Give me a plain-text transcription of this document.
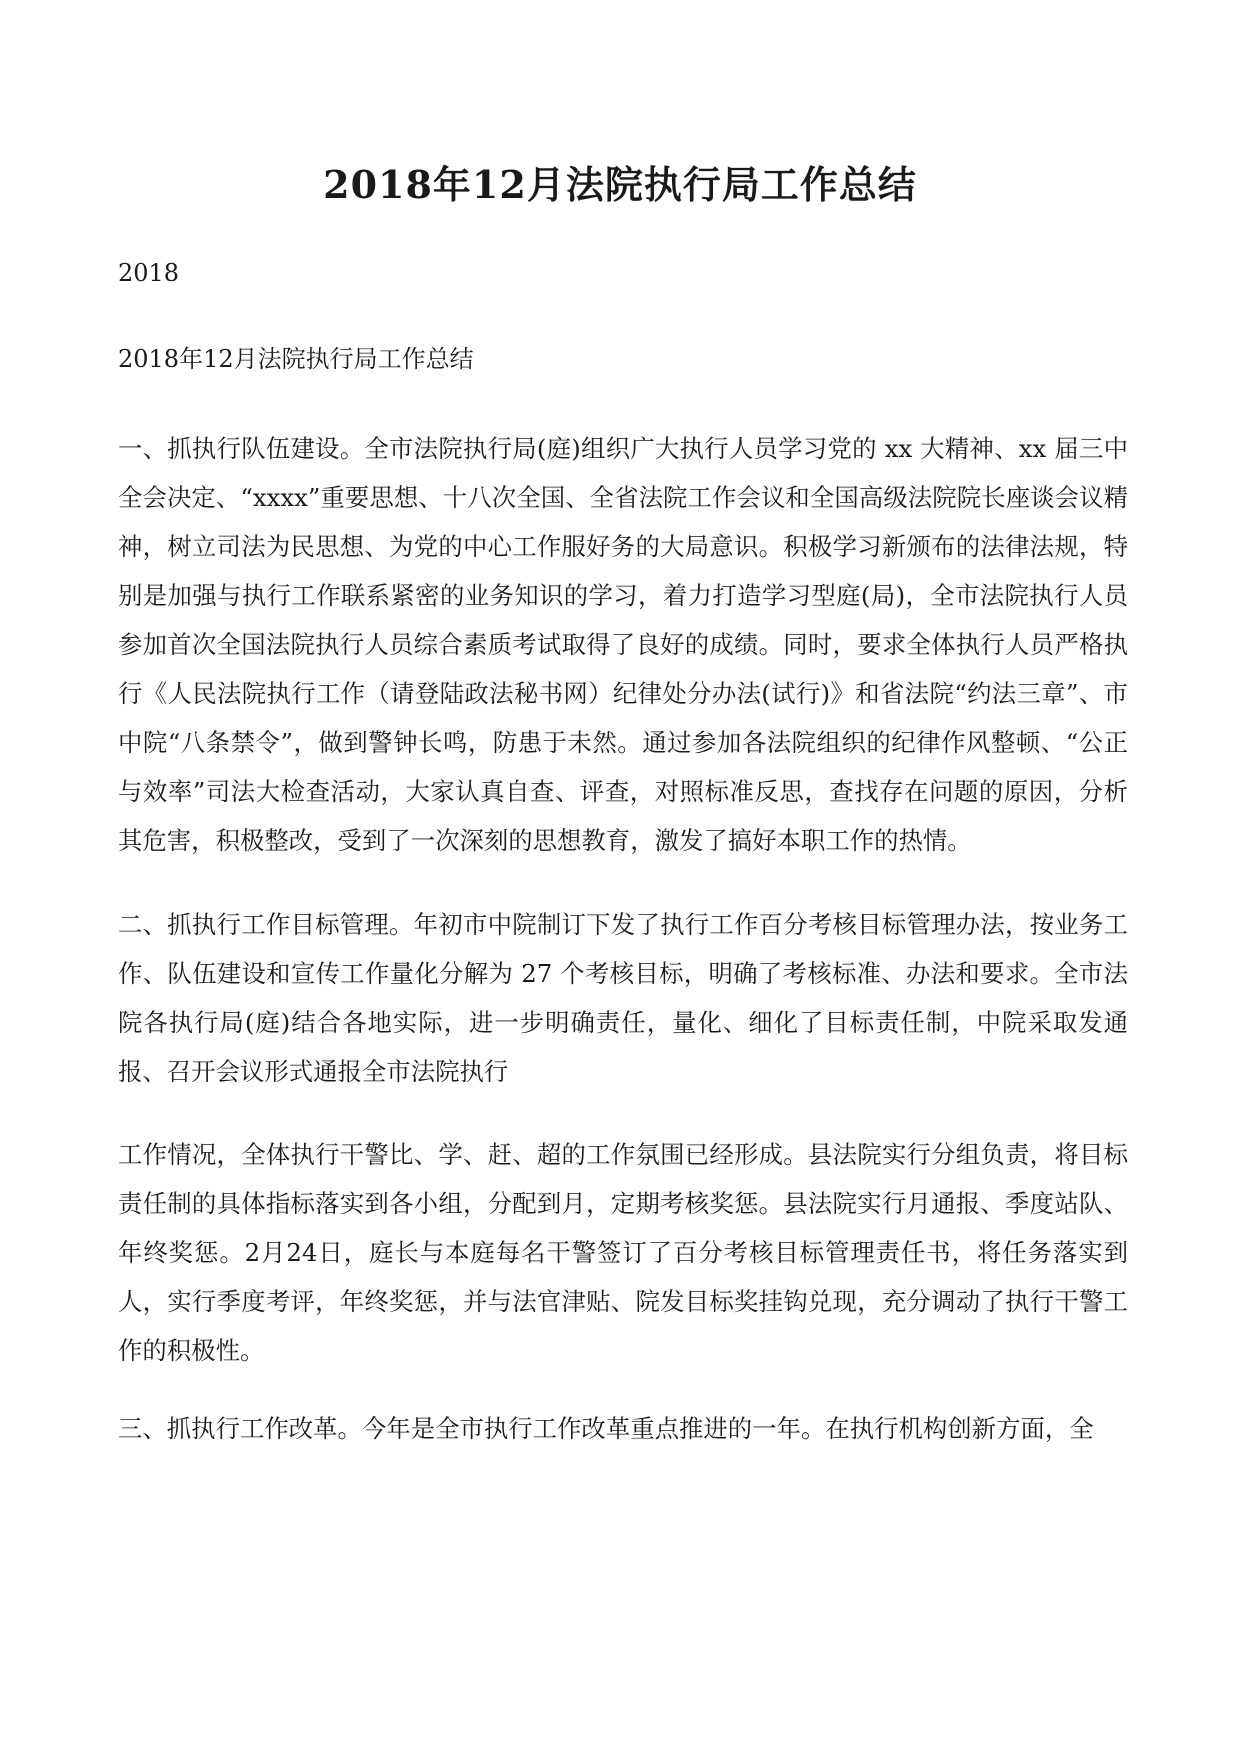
2018年12月法院执行局工作总结

2018

2018年12月法院执行局工作总结

一、抓执行队伍建设。全市法院执行局(庭)组织广大执行人员学习党的 xx 大精神、xx 届三中全会决定、“xxxx”重要思想、十八次全国、全省法院工作会议和全国高级法院院长座谈会议精神，树立司法为民思想、为党的中心工作服好务的大局意识。积极学习新颁布的法律法规，特别是加强与执行工作联系紧密的业务知识的学习，着力打造学习型庭(局)，全市法院执行人员参加首次全国法院执行人员综合素质考试取得了良好的成绩。同时，要求全体执行人员严格执行《人民法院执行工作（请登陆政法秘书网）纪律处分办法(试行)》和省法院“约法三章”、市中院“八条禁令”，做到警钟长鸣，防患于未然。通过参加各法院组织的纪律作风整顿、“公正与效率”司法大检查活动，大家认真自查、评查，对照标准反思，查找存在问题的原因，分析其危害，积极整改，受到了一次深刻的思想教育，激发了搞好本职工作的热情。

二、抓执行工作目标管理。年初市中院制订下发了执行工作百分考核目标管理办法，按业务工作、队伍建设和宣传工作量化分解为 27 个考核目标，明确了考核标准、办法和要求。全市法院各执行局(庭)结合各地实际，进一步明确责任，量化、细化了目标责任制，中院采取发通报、召开会议形式通报全市法院执行

工作情况，全体执行干警比、学、赶、超的工作氛围已经形成。县法院实行分组负责，将目标责任制的具体指标落实到各小组，分配到月，定期考核奖惩。县法院实行月通报、季度站队、年终奖惩。2月24日，庭长与本庭每名干警签订了百分考核目标管理责任书，将任务落实到人，实行季度考评，年终奖惩，并与法官津贴、院发目标奖挂钩兑现，充分调动了执行干警工作的积极性。

三、抓执行工作改革。今年是全市执行工作改革重点推进的一年。在执行机构创新方面，全
